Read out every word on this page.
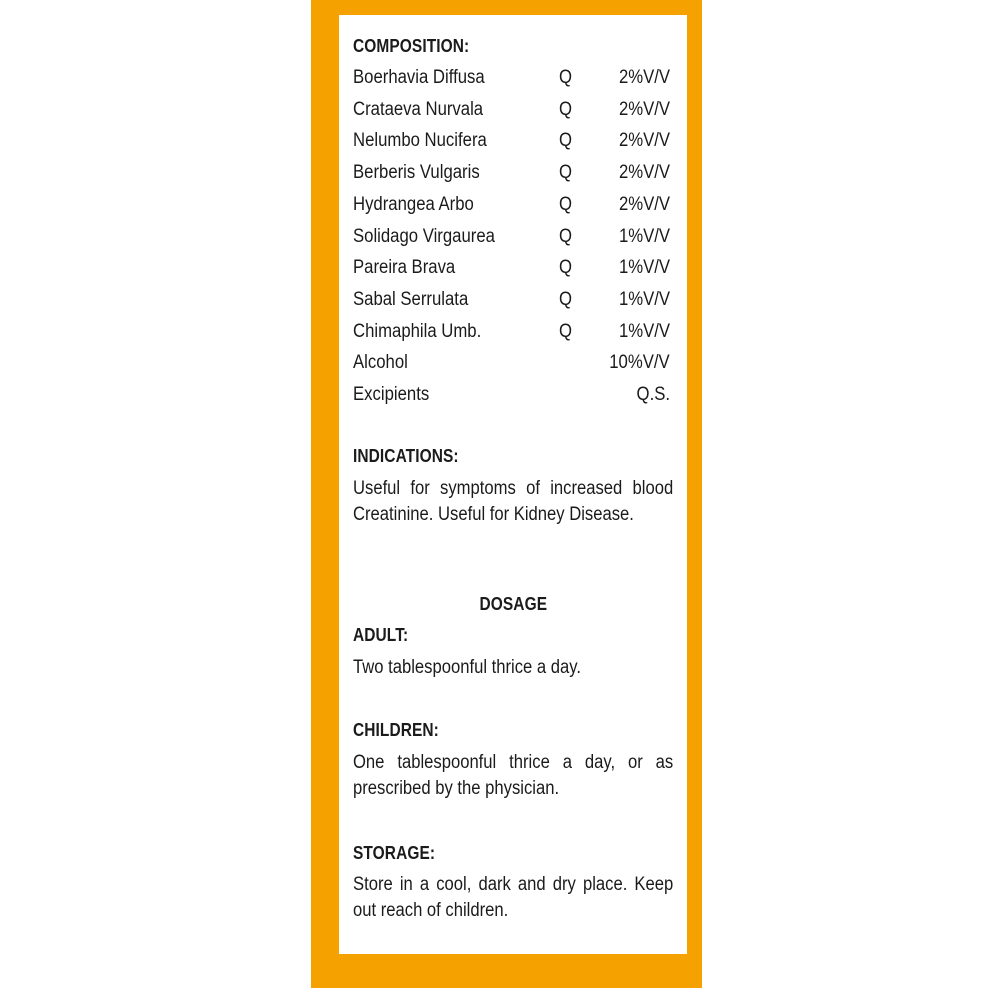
COMPOSITION:
Boerhavia Diffusa	Q 2%V/V
Crataeva Nurvala	Q 2%V/V
Nelumbo Nucifera	Q 2%V/V
Berberis Vulgaris	Q 2%V/V
Hydrangea Arbo	Q 2%V/V
Solidago Virgaurea	Q 1%V/V
Pareira Brava	Q 1%V/V
Sabal Serrulata	Q 1%V/V
Chimaphila Umb.	Q 1%V/V
Alcohol	10%V/V
Excipients	Q.S.
INDICATIONS:
Useful for symptoms of increased blood Creatinine. Useful for Kidney Disease.
DOSAGE
ADULT:
Two tablespoonful thrice a day.
CHILDREN:
One tablespoonful thrice a day, or as prescribed by the physician.
STORAGE:
Store in a cool, dark and dry place. Keep out reach of children.
